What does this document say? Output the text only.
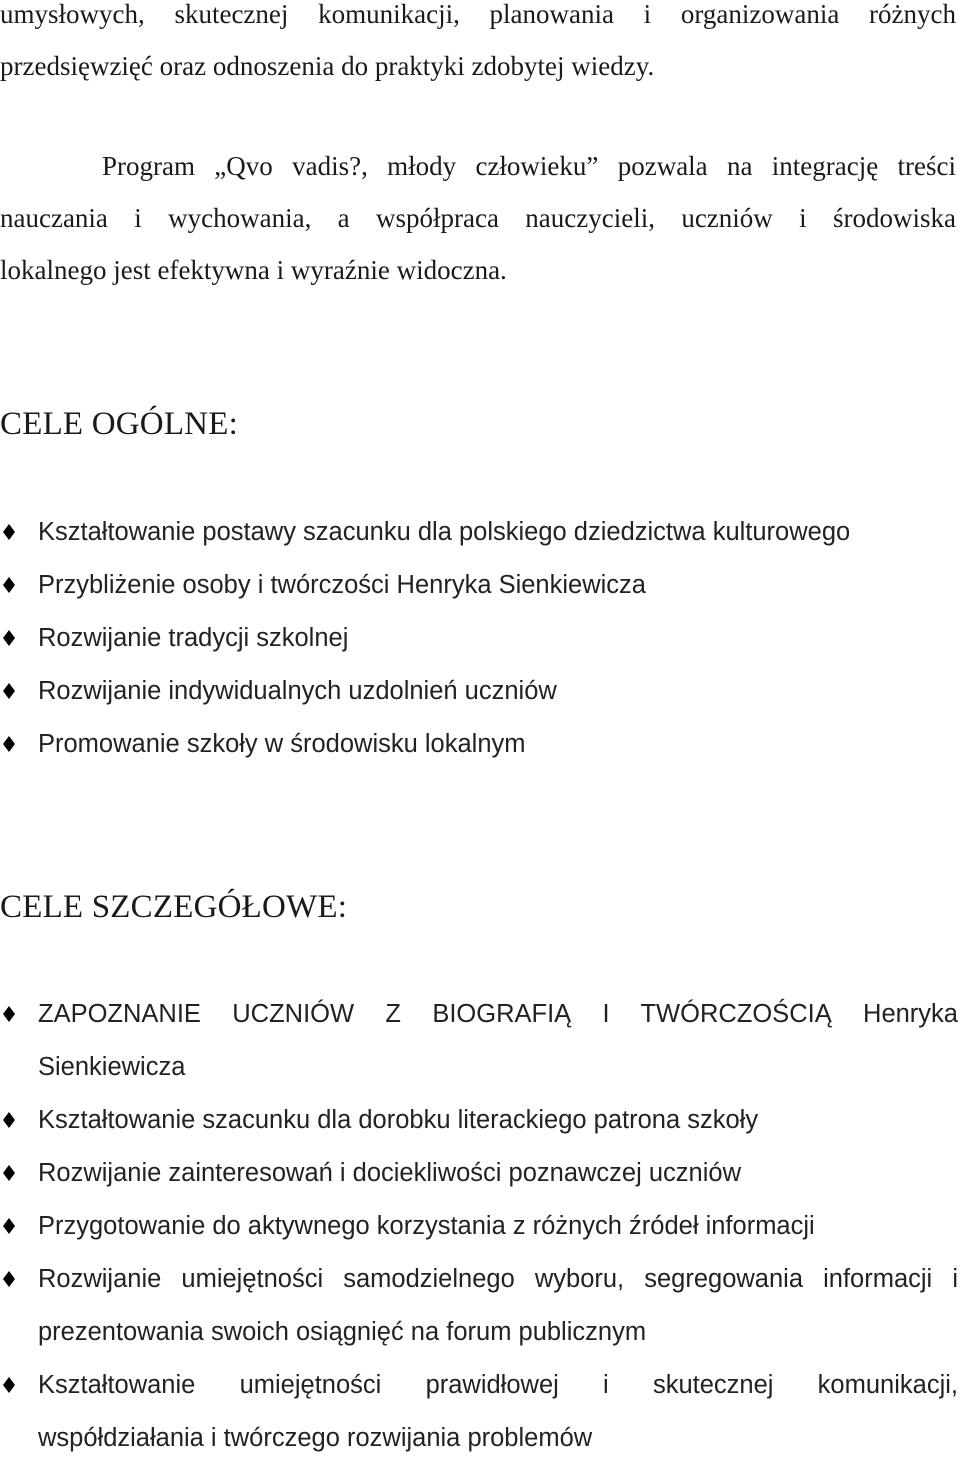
umysłowych, skutecznej komunikacji, planowania i organizowania różnych
przedsięwzięć oraz odnoszenia do praktyki zdobytej wiedzy.

Program „Qvo vadis?, młody człowieku” pozwala na integrację treści
nauczania i wychowania, a współpraca nauczycieli, uczniów i środowiska
lokalnego jest efektywna i wyraźnie widoczna.

CELE OGÓLNE:
Kształtowanie postawy szacunku dla polskiego dziedzictwa kulturowego
Przybliżenie osoby i twórczości Henryka Sienkiewicza
Rozwijanie tradycji szkolnej
Rozwijanie indywidualnych uzdolnień uczniów
Promowanie szkoły w środowisku lokalnym
CELE SZCZEGÓŁOWE:
ZAPOZNANIE UCZNIÓW Z BIOGRAFIĄ I TWÓRCZOŚCIĄ Henryka
Sienkiewicza
Kształtowanie szacunku dla dorobku literackiego patrona szkoły
Rozwijanie zainteresowań i dociekliwości poznawczej uczniów
Przygotowanie do aktywnego korzystania z różnych źródeł informacji
Rozwijanie umiejętności samodzielnego wyboru, segregowania informacji i
prezentowania swoich osiągnięć na forum publicznym
Kształtowanie umiejętności prawidłowej i skutecznej komunikacji,
współdziałania i twórczego rozwijania problemów
